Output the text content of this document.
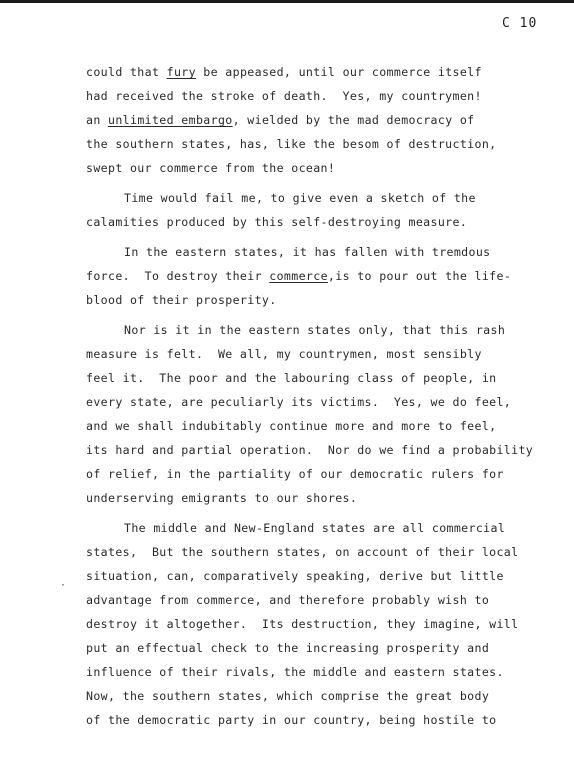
C 10
·
could that fury be appeased, until our commerce itself
had received the stroke of death.  Yes, my countrymen!
an unlimited embargo, wielded by the mad democracy of
the southern states, has, like the besom of destruction,
swept our commerce from the ocean!
Time would fail me, to give even a sketch of the
calamities produced by this self-destroying measure.
In the eastern states, it has fallen with tremdous
force.  To destroy their commerce,is to pour out the life-
blood of their prosperity.
Nor is it in the eastern states only, that this rash
measure is felt.  We all, my countrymen, most sensibly
feel it.  The poor and the labouring class of people, in
every state, are peculiarly its victims.  Yes, we do feel,
and we shall indubitably continue more and more to feel,
its hard and partial operation.  Nor do we find a probability
of relief, in the partiality of our democratic rulers for
underserving emigrants to our shores.
The middle and New-England states are all commercial
states,  But the southern states, on account of their local
situation, can, comparatively speaking, derive but little
advantage from commerce, and therefore probably wish to
destroy it altogether.  Its destruction, they imagine, will
put an effectual check to the increasing prosperity and
influence of their rivals, the middle and eastern states.
Now, the southern states, which comprise the great body
of the democratic party in our country, being hostile to
